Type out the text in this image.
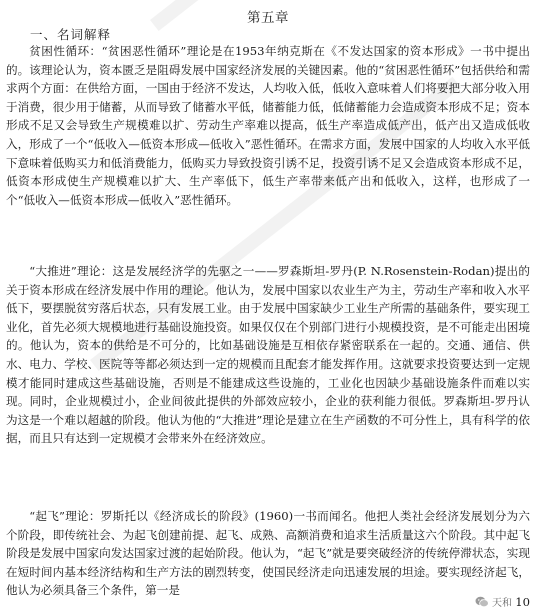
第五章
一、名词解释

贫困性循环：“贫困恶性循环”理论是在1953年纳克斯在《不发达国家的资本形成》一书中提出的。该理论认为，资本匮乏是阻碍发展中国家经济发展的关键因素。他的“贫困恶性循环”包括供给和需求两个方面：在供给方面，一国由于经济不发达，人均收入低，低收入意味着人们将要把大部分收入用于消费，很少用于储蓄，从而导致了储蓄水平低，储蓄能力低，低储蓄能力会造成资本形成不足；资本形成不足又会导致生产规模难以扩、劳动生产率难以提高，低生产率造成低产出，低产出又造成低收入，形成了一个“低收入—低资本形成—低收入”恶性循环。在需求方面，发展中国家的人均收入水平低下意味着低购买力和低消费能力，低购买力导致投资引诱不足，投资引诱不足又会造成资本形成不足，低资本形成使生产规模难以扩大、生产率低下，低生产率带来低产出和低收入，这样，也形成了一个“低收入—低资本形成—低收入”恶性循环。

“大推进”理论：这是发展经济学的先驱之一——罗森斯坦-罗丹(P. N.Rosenstein-Rodan)提出的关于资本形成在经济发展中作用的理论。他认为，发展中国家以农业生产为主，劳动生产率和收入水平低下，要摆脱贫穷落后状态，只有发展工业。由于发展中国家缺少工业生产所需的基础条件，要实现工业化，首先必须大规模地进行基础设施投资。如果仅仅在个别部门进行小规模投资，是不可能走出困境的。他认为，资本的供给是不可分的，比如基础设施是互相依存紧密联系在一起的。交通、通信、供水、电力、学校、医院等等都必须达到一定的规模而且配套才能发挥作用。这就要求投资要达到一定规模才能同时建成这些基础设施，否则是不能建成这些设施的，工业化也因缺少基础设施条件而难以实现。同时，企业规模过小，企业间彼此提供的外部效应较小，企业的获利能力很低。罗森斯坦-罗丹认为这是一个难以超越的阶段。他认为他的“大推进”理论是建立在生产函数的不可分性上，具有科学的依据，而且只有达到一定规模才会带来外在经济效应。

“起飞”理论：罗斯托以《经济成长的阶段》(1960)一书而闻名。他把人类社会经济发展划分为六个阶段，即传统社会、为起飞创建前提、起飞、成熟、高额消费和追求生活质量这六个阶段。其中起飞阶段是发展中国家向发达国家过渡的起始阶段。他认为，“起飞”就是要突破经济的传统停滞状态，实现在短时间内基本经济结构和生产方法的剧烈转变，使国民经济走向迅速发展的坦途。要实现经济起飞，他认为必须具备三个条件，第一是

天和 10
